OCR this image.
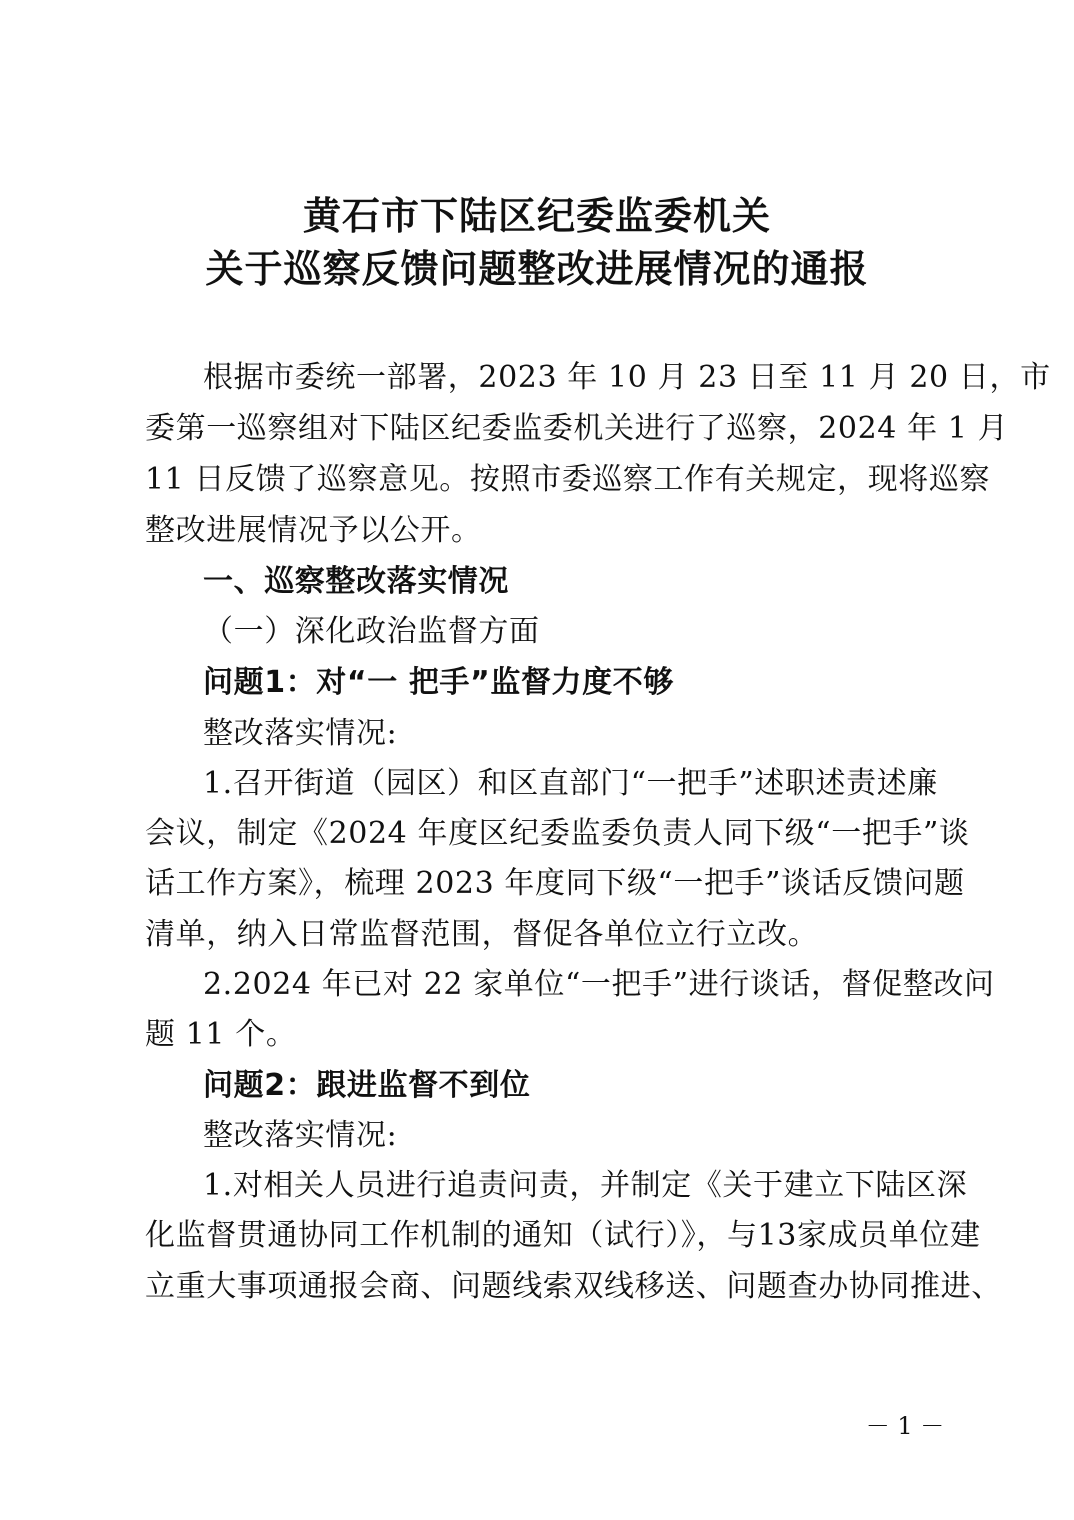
黄石市下陆区纪委监委机关
关于巡察反馈问题整改进展情况的通报
根据市委统一部署，2023 年 10 月 23 日至 11 月 20 日，市
委第一巡察组对下陆区纪委监委机关进行了巡察，2024 年 1 月
11 日反馈了巡察意见。按照市委巡察工作有关规定，现将巡察
整改进展情况予以公开。
一、巡察整改落实情况
（一）深化政治监督方面
问题1：对“一 把手”监督力度不够
整改落实情况:
1.召开街道（园区）和区直部门“一把手”述职述责述廉
会议，制定《2024 年度区纪委监委负责人同下级“一把手”谈
话工作方案》，梳理 2023 年度同下级“一把手”谈话反馈问题
清单，纳入日常监督范围，督促各单位立行立改。
2.2024 年已对 22 家单位“一把手”进行谈话，督促整改问
题 11 个。
问题2：跟进监督不到位
整改落实情况:
1.对相关人员进行追责问责，并制定《关于建立下陆区深
化监督贯通协同工作机制的通知（试行）》，与13家成员单位建
立重大事项通报会商、问题线索双线移送、问题查办协同推进、
－ 1 －
